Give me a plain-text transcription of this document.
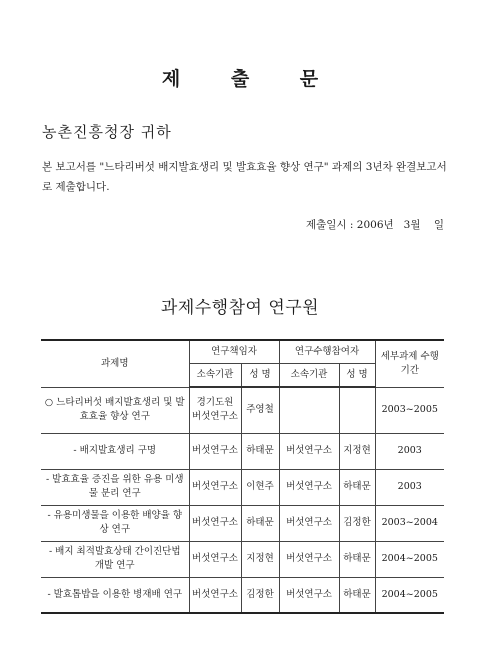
제 출 문
농촌진흥청장 귀하
본 보고서를 "느타리버섯 배지발효생리 및 발효효율 향상 연구" 과제의 3년차 완결보고서로 제출합니다.
제출일시 : 2006년   3월    일
과제수행참여 연구원
과제명	연구책임자		연구수행참여자		세부과제 수행기간
	소속기관	성 명	소속기관	성 명	
○ 느타리버섯 배지발효생리 및 발효효율 향상 연구	경기도원 버섯연구소	주영철			2003~2005
- 배지발효생리 구명	버섯연구소	하태문	버섯연구소	지정현	2003
- 발효효율 증진을 위한 유용 미생물 분리 연구	버섯연구소	이현주	버섯연구소	하태문	2003
- 유용미생물을 이용한 배양율 향상 연구	버섯연구소	하태문	버섯연구소	김정한	2003~2004
- 배지 최적발효상태 간이진단법 개발 연구	버섯연구소	지정현	버섯연구소	하태문	2004~2005
- 발효톱밥을 이용한 병재배 연구	버섯연구소	김정한	버섯연구소	하태문	2004~2005
